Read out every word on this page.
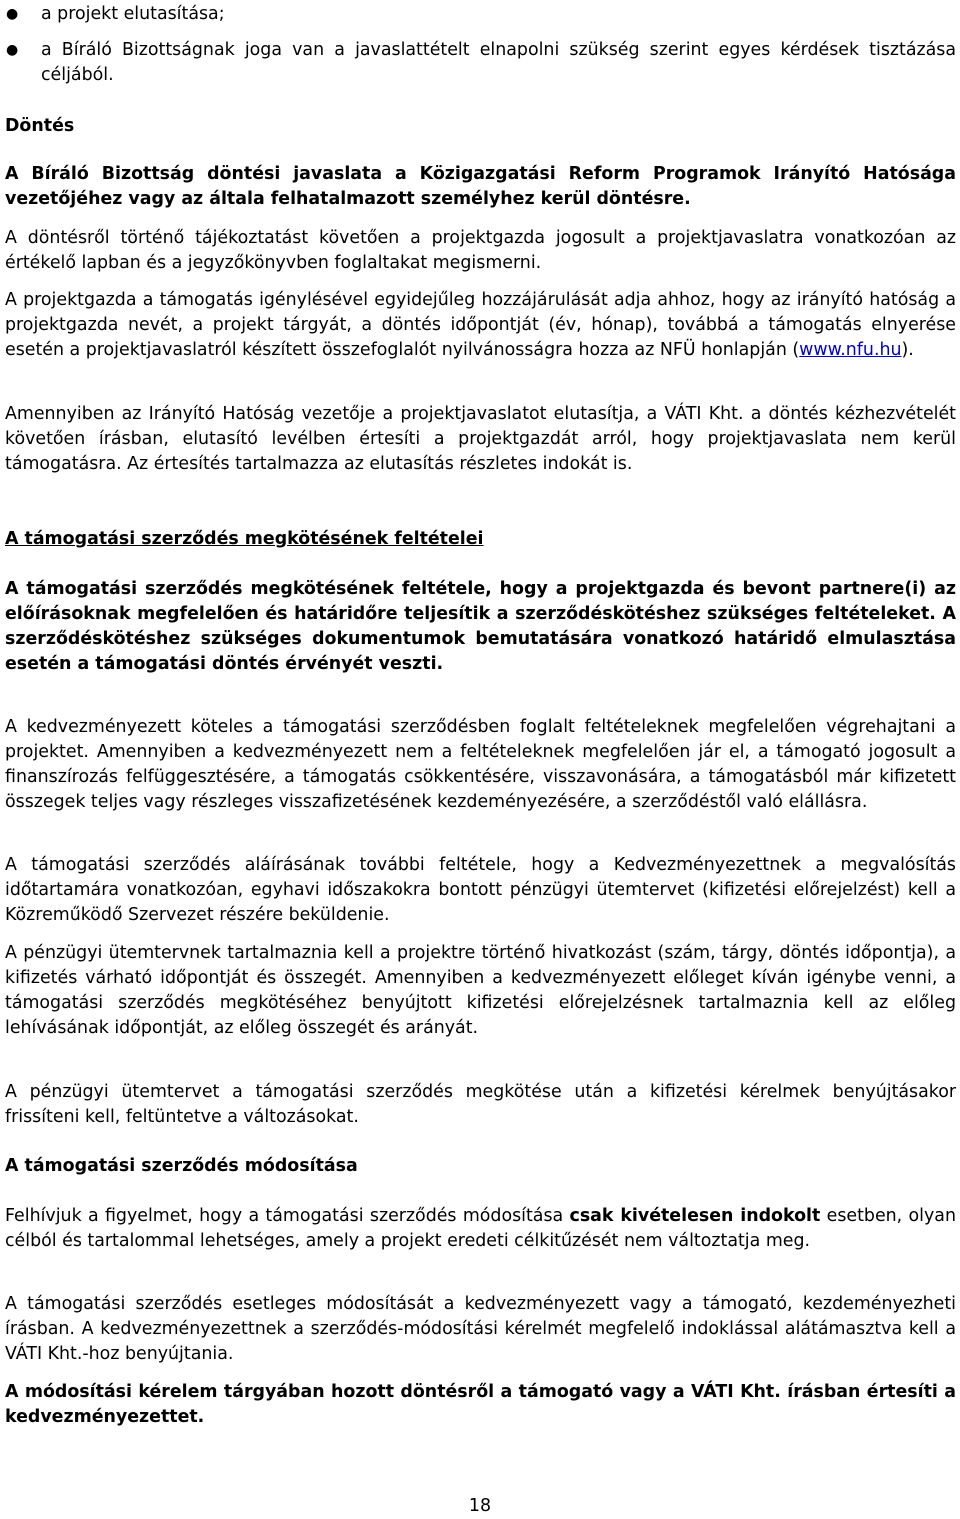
● a projekt elutasítása;
● a Bíráló Bizottságnak joga van a javaslattételt elnapolni szükség szerint egyes kérdések tisztázása céljából.

Döntés

A Bíráló Bizottság döntési javaslata a Közigazgatási Reform Programok Irányító Hatósága vezetőjéhez vagy az általa felhatalmazott személyhez kerül döntésre.

A döntésről történő tájékoztatást követően a projektgazda jogosult a projektjavaslatra vonatkozóan az értékelő lapban és a jegyzőkönyvben foglaltakat megismerni.

A projektgazda a támogatás igénylésével egyidejűleg hozzájárulását adja ahhoz, hogy az irányító hatóság a projektgazda nevét, a projekt tárgyát, a döntés időpontját (év, hónap), továbbá a támogatás elnyerése esetén a projektjavaslatról készített összefoglalót nyilvánosságra hozza az NFÜ honlapján (www.nfu.hu).

Amennyiben az Irányító Hatóság vezetője a projektjavaslatot elutasítja, a VÁTI Kht. a döntés kézhezvételét követően írásban, elutasító levélben értesíti a projektgazdát arról, hogy projektjavaslata nem kerül támogatásra. Az értesítés tartalmazza az elutasítás részletes indokát is.

A támogatási szerződés megkötésének feltételei

A támogatási szerződés megkötésének feltétele, hogy a projektgazda és bevont partnere(i) az előírásoknak megfelelően és határidőre teljesítik a szerződéskötéshez szükséges feltételeket. A szerződéskötéshez szükséges dokumentumok bemutatására vonatkozó határidő elmulasztása esetén a támogatási döntés érvényét veszti.

A kedvezményezett köteles a támogatási szerződésben foglalt feltételeknek megfelelően végrehajtani a projektet. Amennyiben a kedvezményezett nem a feltételeknek megfelelően jár el, a támogató jogosult a finanszírozás felfüggesztésére, a támogatás csökkentésére, visszavonására, a támogatásból már kifizetett összegek teljes vagy részleges visszafizetésének kezdeményezésére, a szerződéstől való elállásra.

A támogatási szerződés aláírásának további feltétele, hogy a Kedvezményezettnek a megvalósítás időtartamára vonatkozóan, egyhavi időszakokra bontott pénzügyi ütemtervet (kifizetési előrejelzést) kell a Közreműködő Szervezet részére beküldenie.

A pénzügyi ütemtervnek tartalmaznia kell a projektre történő hivatkozást (szám, tárgy, döntés időpontja), a kifizetés várható időpontját és összegét. Amennyiben a kedvezményezett előleget kíván igénybe venni, a támogatási szerződés megkötéséhez benyújtott kifizetési előrejelzésnek tartalmaznia kell az előleg lehívásának időpontját, az előleg összegét és arányát.

A pénzügyi ütemtervet a támogatási szerződés megkötése után a kifizetési kérelmek benyújtásakor frissíteni kell, feltüntetve a változásokat.

A támogatási szerződés módosítása

Felhívjuk a figyelmet, hogy a támogatási szerződés módosítása csak kivételesen indokolt esetben, olyan célból és tartalommal lehetséges, amely a projekt eredeti célkitűzését nem változtatja meg.

A támogatási szerződés esetleges módosítását a kedvezményezett vagy a támogató, kezdeményezheti írásban. A kedvezményezettnek a szerződés-módosítási kérelmét megfelelő indoklással alátámasztva kell a VÁTI Kht.-hoz benyújtania.

A módosítási kérelem tárgyában hozott döntésről a támogató vagy a VÁTI Kht. írásban értesíti a kedvezményezettet.

18
